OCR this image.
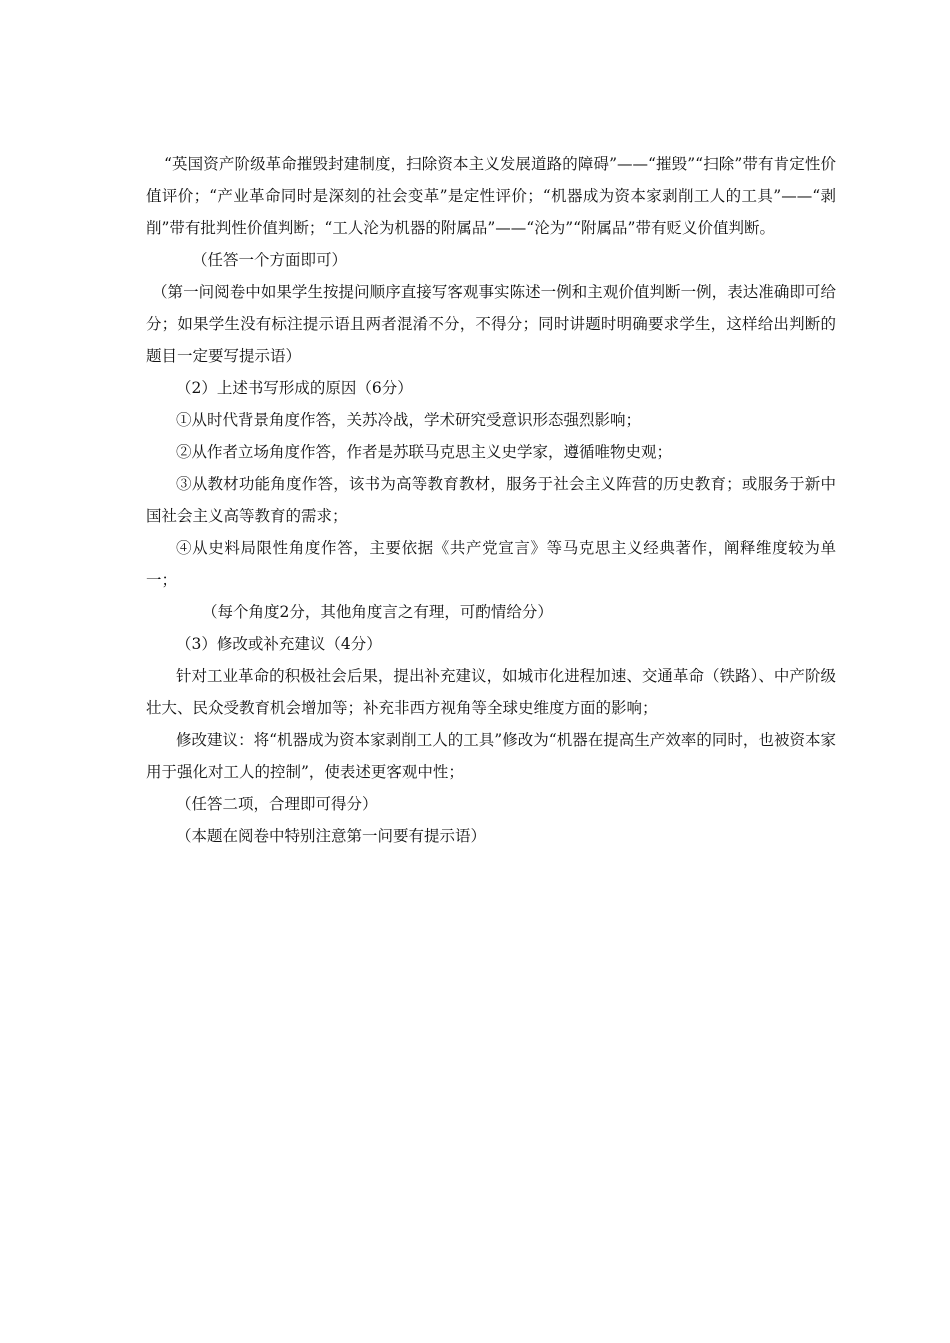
“英国资产阶级革命摧毁封建制度，扫除资本主义发展道路的障碍”——“摧毁”“扫除”带有肯定性价值评价；“产业革命同时是深刻的社会变革”是定性评价；“机器成为资本家剥削工人的工具”——“剥削”带有批判性价值判断；“工人沦为机器的附属品”——“沦为”“附属品”带有贬义价值判断。

（任答一个方面即可）

（第一问阅卷中如果学生按提问顺序直接写客观事实陈述一例和主观价值判断一例，表达准确即可给分；如果学生没有标注提示语且两者混淆不分，不得分；同时讲题时明确要求学生，这样给出判断的题目一定要写提示语）

（2）上述书写形成的原因（6分）

①从时代背景角度作答，关苏冷战，学术研究受意识形态强烈影响；

②从作者立场角度作答，作者是苏联马克思主义史学家，遵循唯物史观；

③从教材功能角度作答，该书为高等教育教材，服务于社会主义阵营的历史教育；或服务于新中国社会主义高等教育的需求；

④从史料局限性角度作答，主要依据《共产党宣言》等马克思主义经典著作，阐释维度较为单一；

（每个角度2分，其他角度言之有理，可酌情给分）

（3）修改或补充建议（4分）

针对工业革命的积极社会后果，提出补充建议，如城市化进程加速、交通革命（铁路）、中产阶级壮大、民众受教育机会增加等；补充非西方视角等全球史维度方面的影响；

修改建议：将“机器成为资本家剥削工人的工具”修改为“机器在提高生产效率的同时，也被资本家用于强化对工人的控制”，使表述更客观中性；

（任答二项，合理即可得分）

（本题在阅卷中特别注意第一问要有提示语）
